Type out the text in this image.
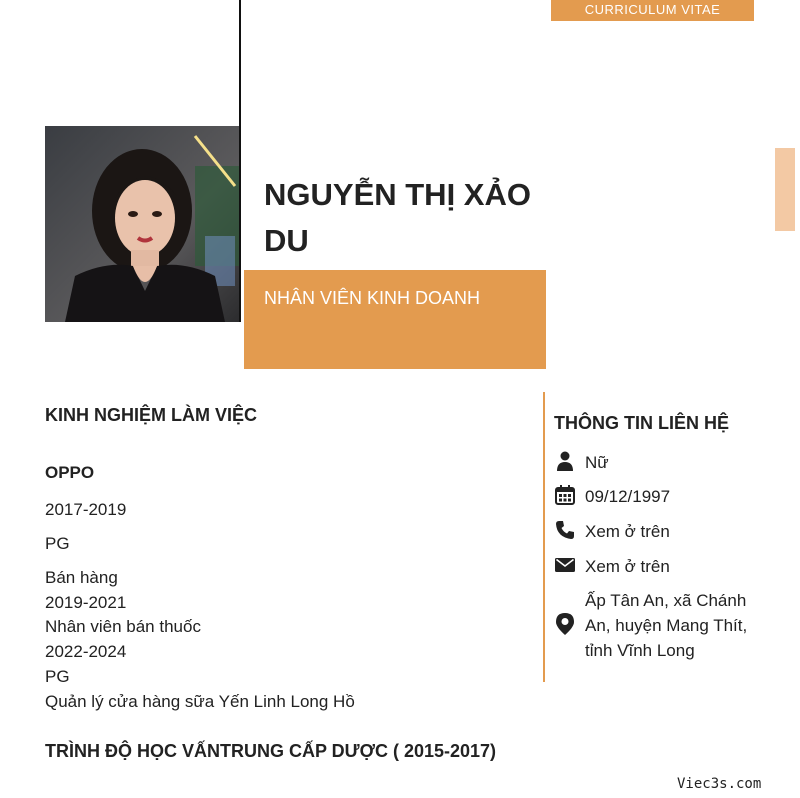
CURRICULUM VITAE
NGUYỄN THỊ XẢO DU
NHÂN VIÊN KINH DOANH
KINH NGHIỆM LÀM VIỆC
OPPO
2017-2019
PG
Bán hàng
2019-2021
Nhân viên bán thuốc
2022-2024
PG
Quản lý cửa hàng sữa Yến Linh Long Hồ
TRÌNH ĐỘ HỌC VẤNTRUNG CẤP DƯỢC ( 2015-2017)
THÔNG TIN LIÊN HỆ
Nữ
09/12/1997
Xem ở trên
Xem ở trên
Ấp Tân An, xã Chánh An, huyện Mang Thít, tỉnh Vĩnh Long
Viec3s.com
